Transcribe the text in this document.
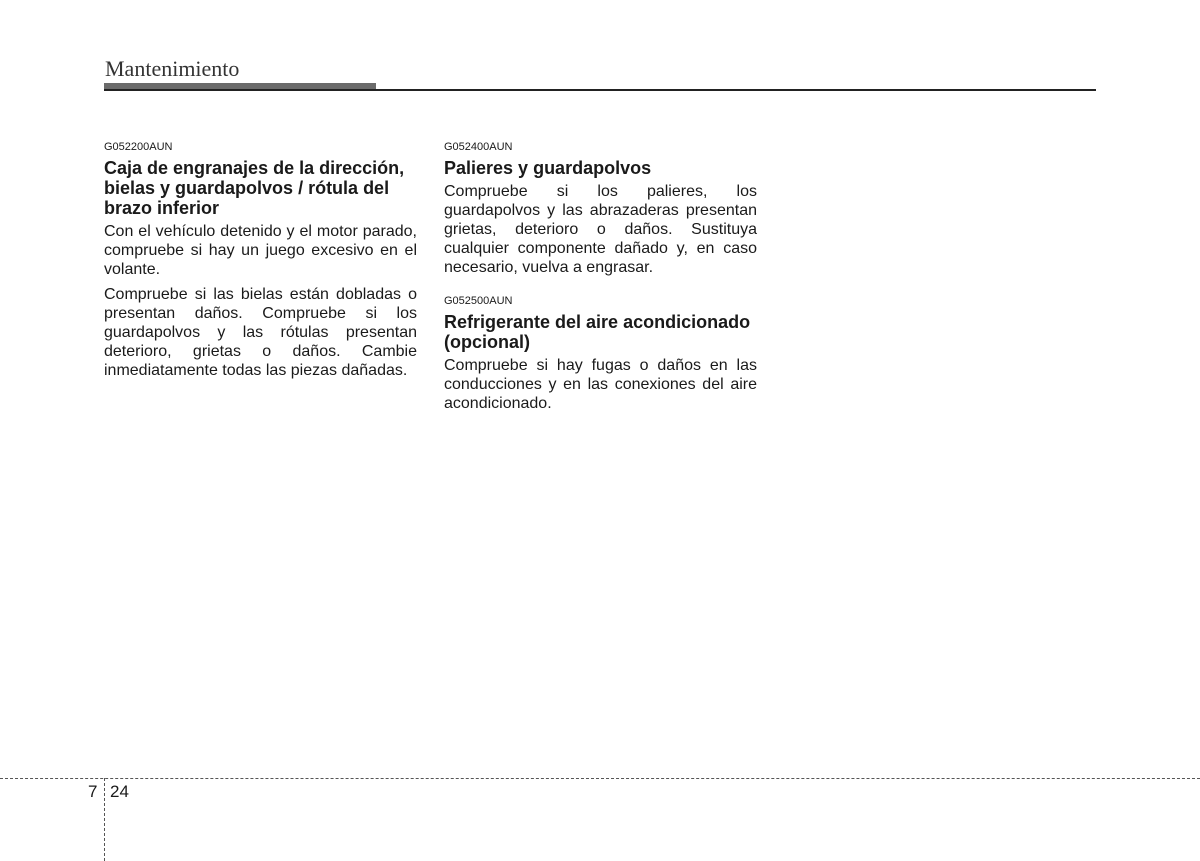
Mantenimiento

G052200AUN

Caja de engranajes de la dirección, bielas y guardapolvos / rótula del brazo inferior

Con el vehículo detenido y el motor parado, compruebe si hay un juego excesivo en el volante.

Compruebe si las bielas están dobladas o presentan daños. Compruebe si los guardapolvos y las rótulas presentan deterioro, grietas o daños. Cambie inmediatamente todas las piezas dañadas.

G052400AUN

Palieres y guardapolvos

Compruebe si los palieres, los guardapolvos y las abrazaderas presentan grietas, deterioro o daños. Sustituya cualquier componente dañado y, en caso necesario, vuelva a engrasar.

G052500AUN

Refrigerante del aire acondicionado (opcional)

Compruebe si hay fugas o daños en las conducciones y en las conexiones del aire acondicionado.

7 24
